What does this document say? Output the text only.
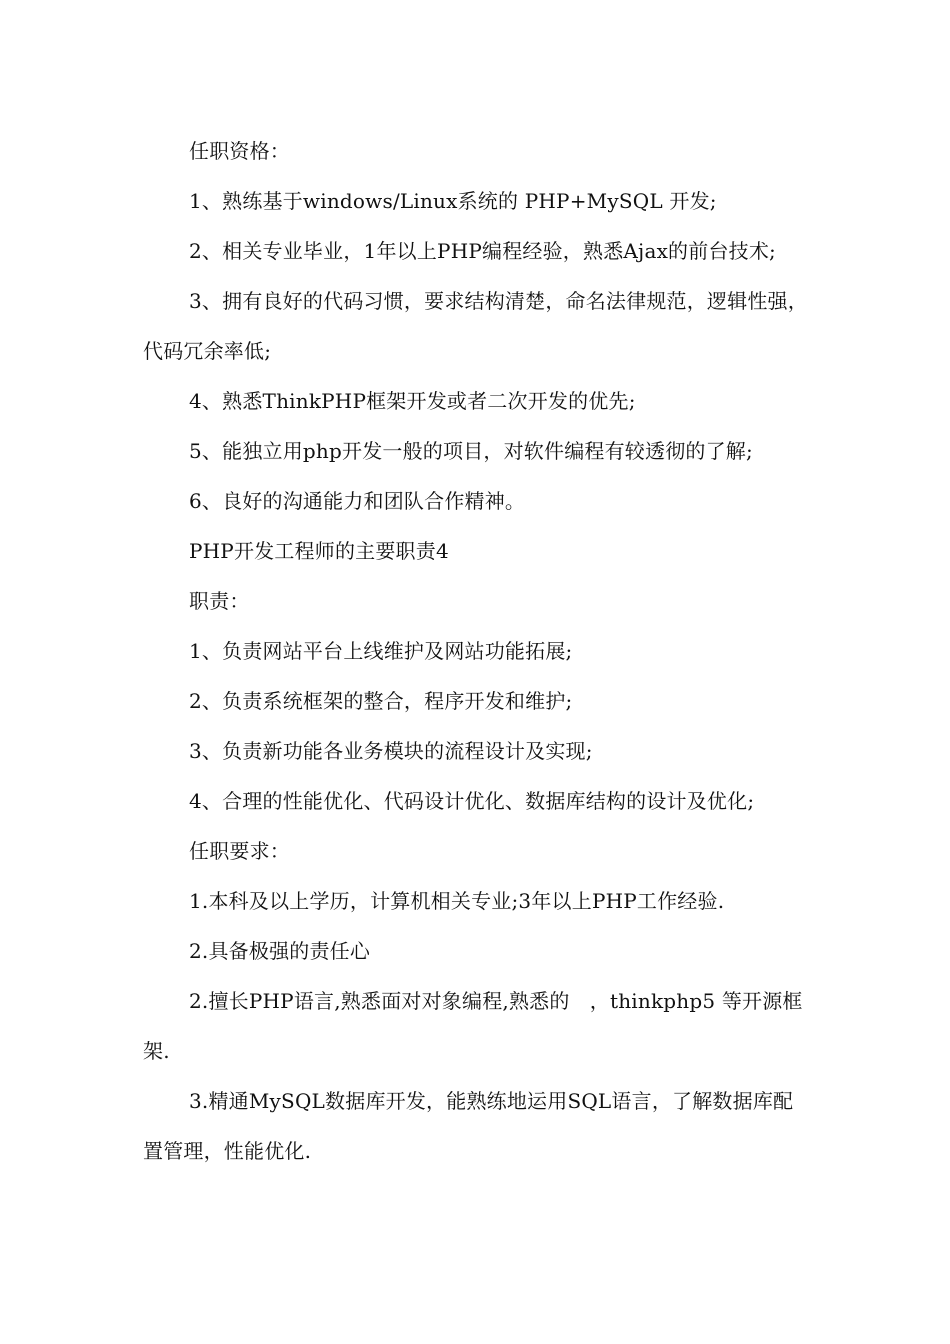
任职资格：

1、熟练基于windows/Linux系统的 PHP+MySQL 开发;

2、相关专业毕业，1年以上PHP编程经验，熟悉Ajax的前台技术;

3、拥有良好的代码习惯，要求结构清楚，命名法律规范，逻辑性强，代码冗余率低;

4、熟悉ThinkPHP框架开发或者二次开发的优先;

5、能独立用php开发一般的项目，对软件编程有较透彻的了解;

6、良好的沟通能力和团队合作精神。

PHP开发工程师的主要职责4

职责：

1、负责网站平台上线维护及网站功能拓展;

2、负责系统框架的整合，程序开发和维护;

3、负责新功能各业务模块的流程设计及实现;

4、合理的性能优化、代码设计优化、数据库结构的设计及优化;

任职要求：

1.本科及以上学历，计算机相关专业;3年以上PHP工作经验.

2.具备极强的责任心

2.擅长PHP语言,熟悉面对对象编程,熟悉的　，thinkphp5 等开源框架.

3.精通MySQL数据库开发，能熟练地运用SQL语言，了解数据库配置管理，性能优化.
